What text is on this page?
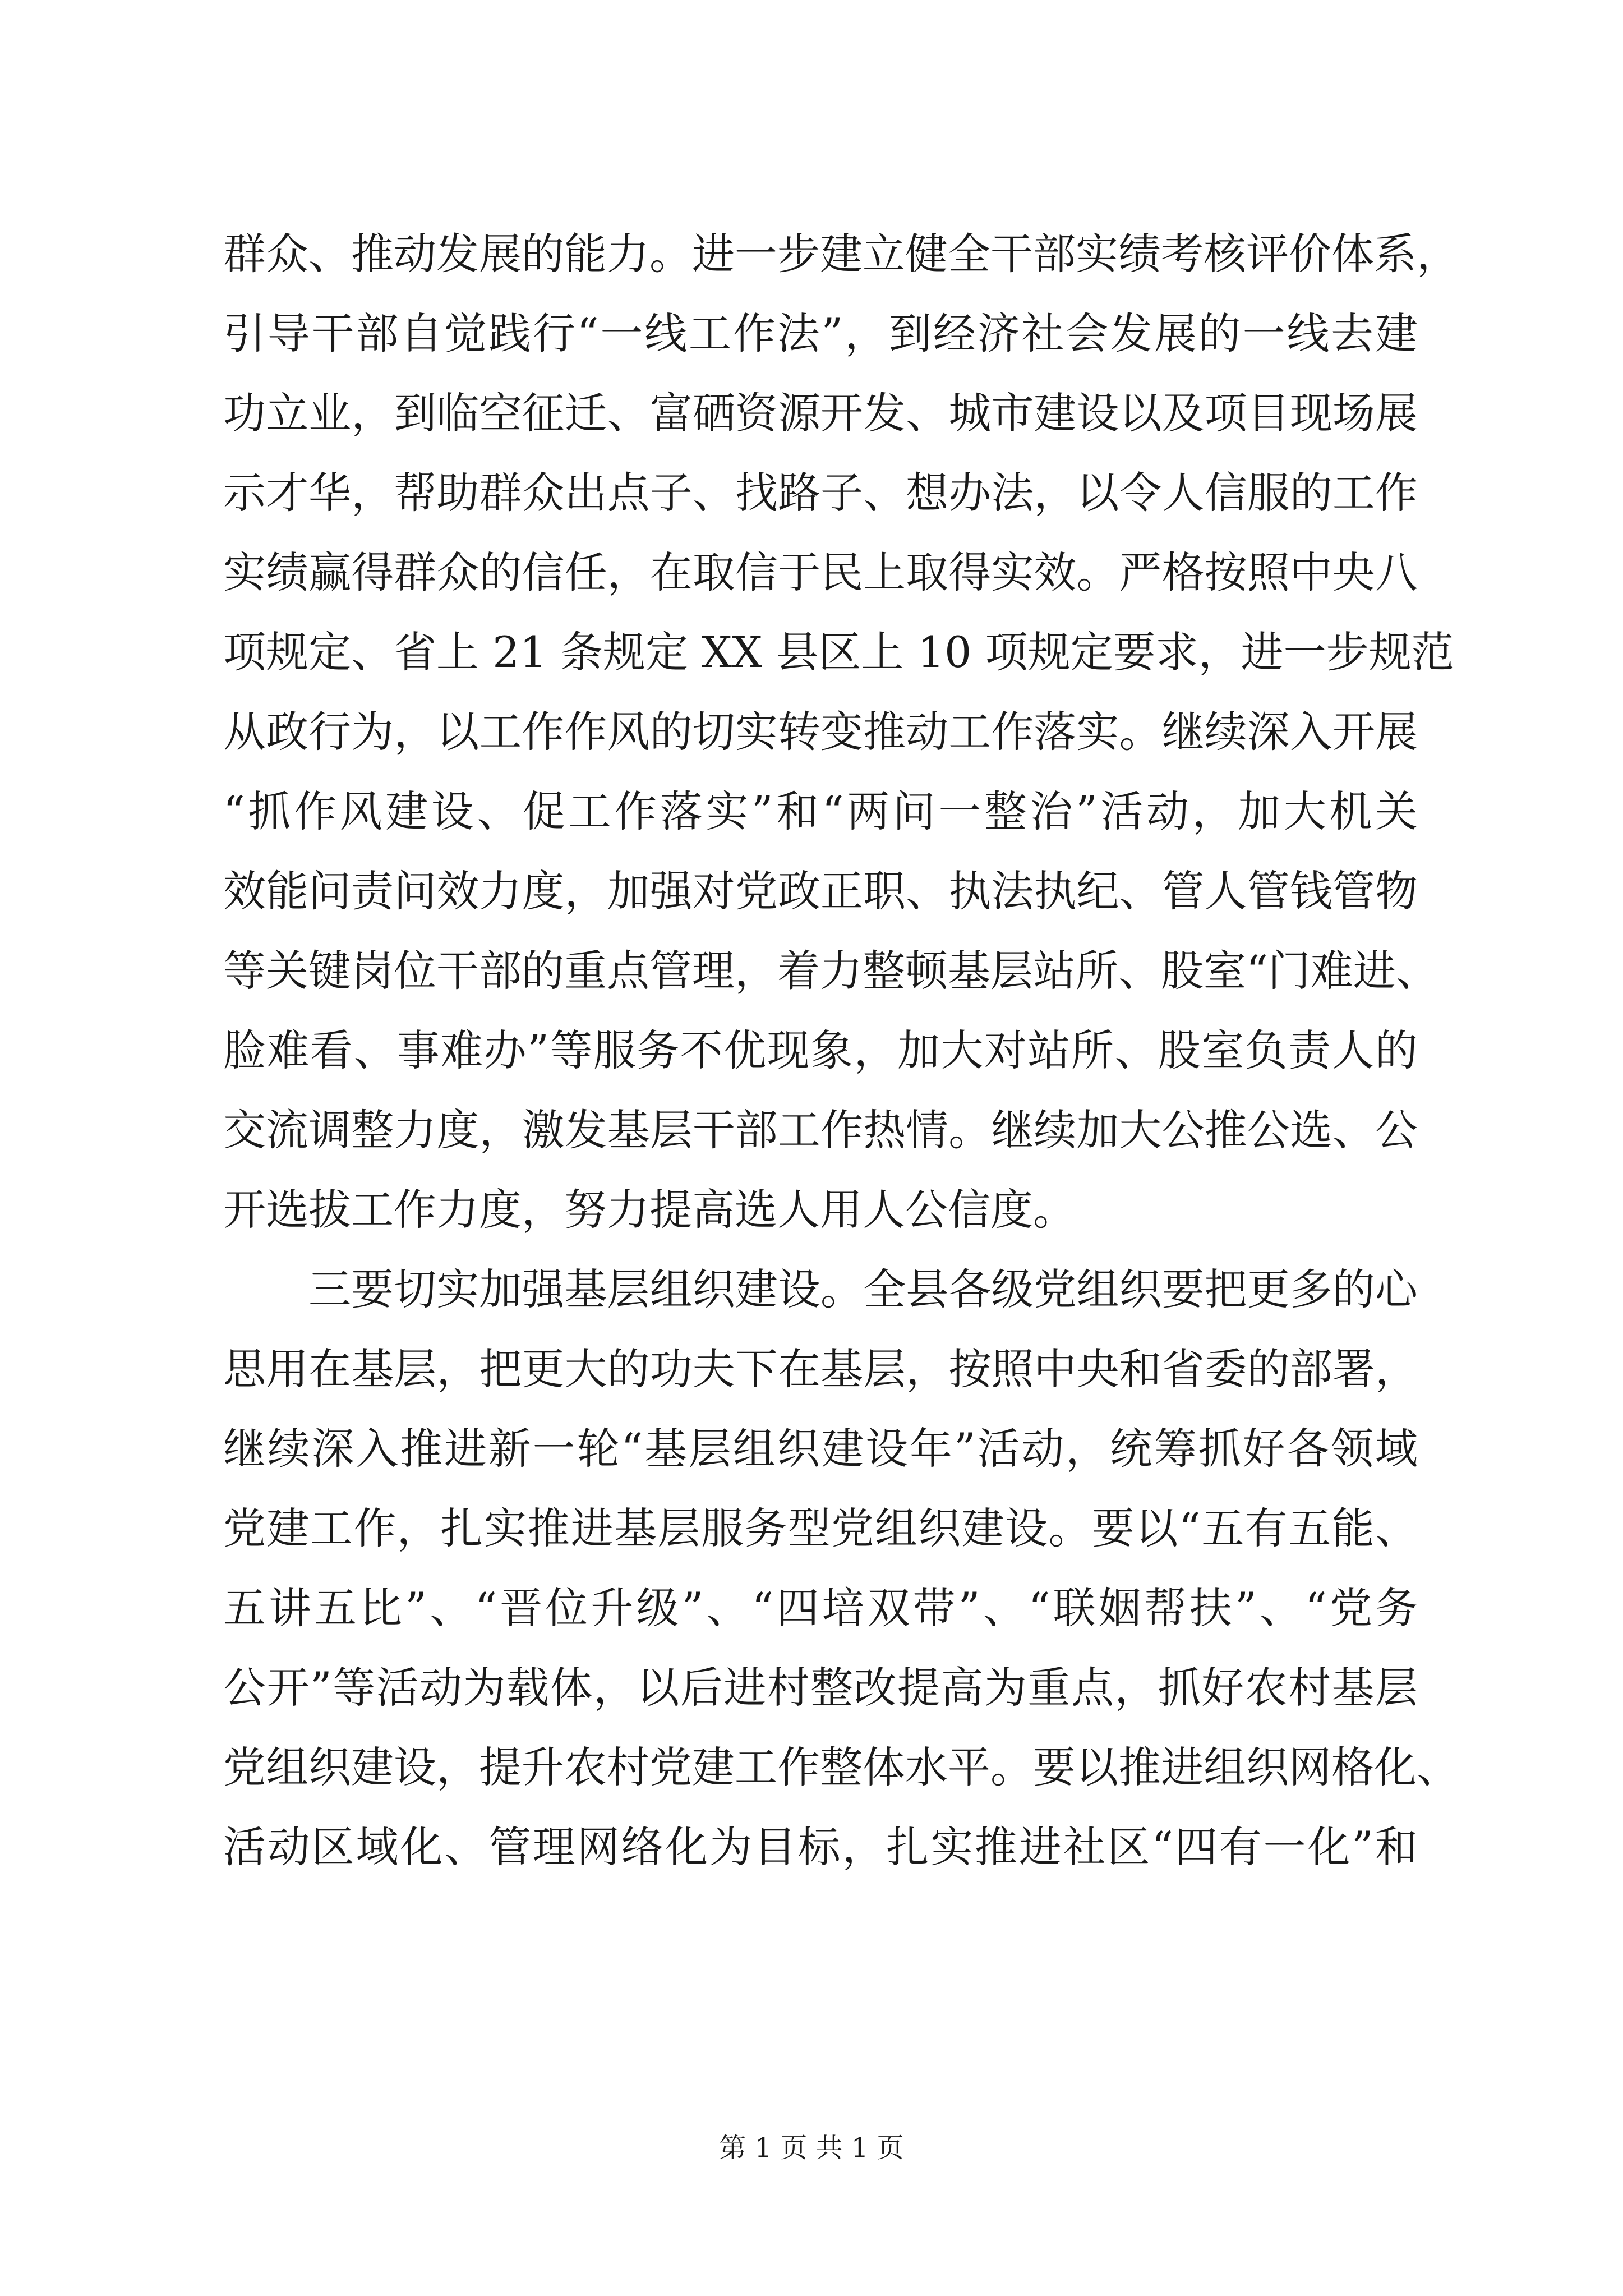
群众、推动发展的能力。进一步建立健全干部实绩考核评价体系，
引导干部自觉践行“一线工作法”，到经济社会发展的一线去建
功立业，到临空征迁、富硒资源开发、城市建设以及项目现场展
示才华，帮助群众出点子、找路子、想办法，以令人信服的工作
实绩赢得群众的信任，在取信于民上取得实效。严格按照中央八
项规定、省上 21 条规定 XX 县区上 10 项规定要求，进一步规范
从政行为，以工作作风的切实转变推动工作落实。继续深入开展
“抓作风建设、促工作落实”和“两问一整治”活动，加大机关
效能问责问效力度，加强对党政正职、执法执纪、管人管钱管物
等关键岗位干部的重点管理，着力整顿基层站所、股室“门难进、
脸难看、事难办”等服务不优现象，加大对站所、股室负责人的
交流调整力度，激发基层干部工作热情。继续加大公推公选、公
开选拔工作力度，努力提高选人用人公信度。
三要切实加强基层组织建设。全县各级党组织要把更多的心
思用在基层，把更大的功夫下在基层，按照中央和省委的部署，
继续深入推进新一轮“基层组织建设年”活动，统筹抓好各领域
党建工作，扎实推进基层服务型党组织建设。要以“五有五能、
五讲五比”、“晋位升级”、“四培双带”、“联姻帮扶”、“党务
公开”等活动为载体，以后进村整改提高为重点，抓好农村基层
党组织建设，提升农村党建工作整体水平。要以推进组织网格化、
活动区域化、管理网络化为目标，扎实推进社区“四有一化”和
第 1 页 共 1 页
